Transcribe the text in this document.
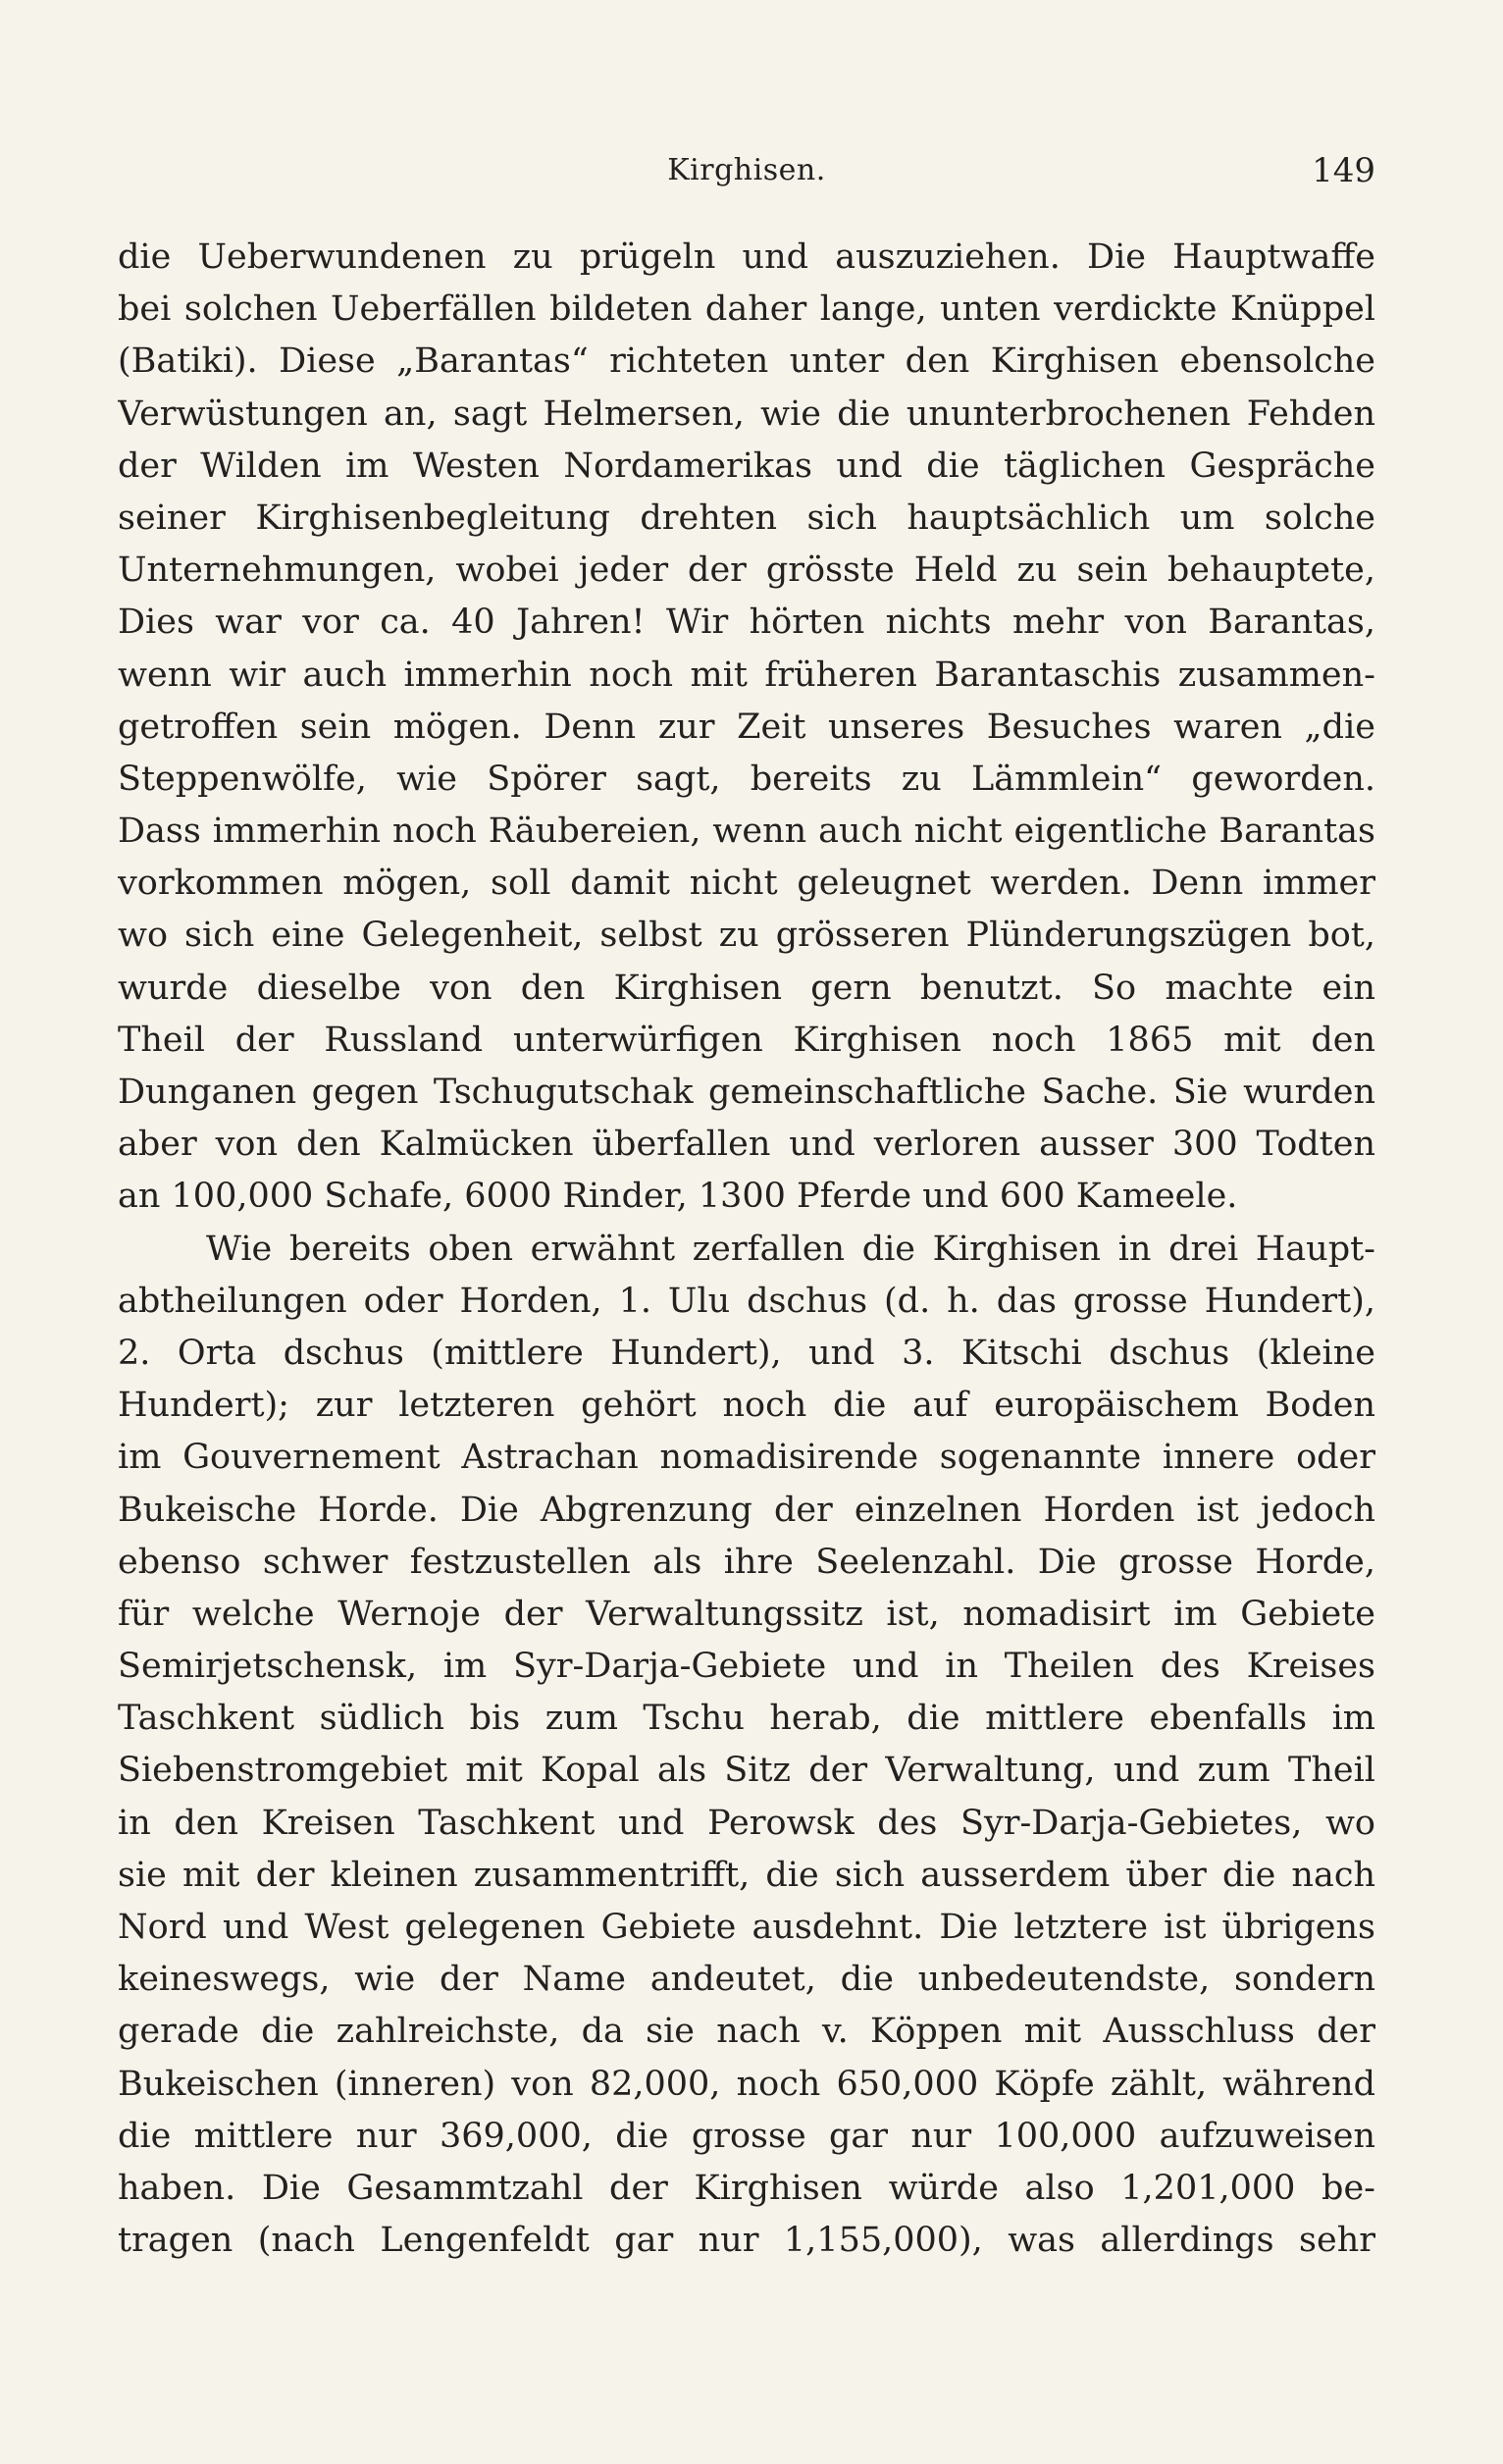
Kirghisen.	149
die Ueberwundenen zu prügeln und auszuziehen. Die Hauptwaffe
bei solchen Ueberfällen bildeten daher lange, unten verdickte Knüppel
(Batiki). Diese „Barantas“ richteten unter den Kirghisen ebensolche
Verwüstungen an, sagt Helmersen, wie die ununterbrochenen Fehden
der Wilden im Westen Nordamerikas und die täglichen Gespräche
seiner Kirghisenbegleitung drehten sich hauptsächlich um solche
Unternehmungen, wobei jeder der grösste Held zu sein behauptete,
Dies war vor ca. 40 Jahren! Wir hörten nichts mehr von Barantas,
wenn wir auch immerhin noch mit früheren Barantaschis zusammen-
getroffen sein mögen. Denn zur Zeit unseres Besuches waren „die
Steppenwölfe, wie Spörer sagt, bereits zu Lämmlein“ geworden.
Dass immerhin noch Räubereien, wenn auch nicht eigentliche Barantas
vorkommen mögen, soll damit nicht geleugnet werden. Denn immer
wo sich eine Gelegenheit, selbst zu grösseren Plünderungszügen bot,
wurde dieselbe von den Kirghisen gern benutzt. So machte ein
Theil der Russland unterwürfigen Kirghisen noch 1865 mit den
Dunganen gegen Tschugutschak gemeinschaftliche Sache. Sie wurden
aber von den Kalmücken überfallen und verloren ausser 300 Todten
an 100,000 Schafe, 6000 Rinder, 1300 Pferde und 600 Kameele.
Wie bereits oben erwähnt zerfallen die Kirghisen in drei Haupt-
abtheilungen oder Horden, 1. Ulu dschus (d. h. das grosse Hundert),
2. Orta dschus (mittlere Hundert), und 3. Kitschi dschus (kleine
Hundert); zur letzteren gehört noch die auf europäischem Boden
im Gouvernement Astrachan nomadisirende sogenannte innere oder
Bukeische Horde. Die Abgrenzung der einzelnen Horden ist jedoch
ebenso schwer festzustellen als ihre Seelenzahl. Die grosse Horde,
für welche Wernoje der Verwaltungssitz ist, nomadisirt im Gebiete
Semirjetschensk, im Syr-Darja-Gebiete und in Theilen des Kreises
Taschkent südlich bis zum Tschu herab, die mittlere ebenfalls im
Siebenstromgebiet mit Kopal als Sitz der Verwaltung, und zum Theil
in den Kreisen Taschkent und Perowsk des Syr-Darja-Gebietes, wo
sie mit der kleinen zusammentrifft, die sich ausserdem über die nach
Nord und West gelegenen Gebiete ausdehnt. Die letztere ist übrigens
keineswegs, wie der Name andeutet, die unbedeutendste, sondern
gerade die zahlreichste, da sie nach v. Köppen mit Ausschluss der
Bukeischen (inneren) von 82,000, noch 650,000 Köpfe zählt, während
die mittlere nur 369,000, die grosse gar nur 100,000 aufzuweisen
haben. Die Gesammtzahl der Kirghisen würde also 1,201,000 be-
tragen (nach Lengenfeldt gar nur 1,155,000), was allerdings sehr
